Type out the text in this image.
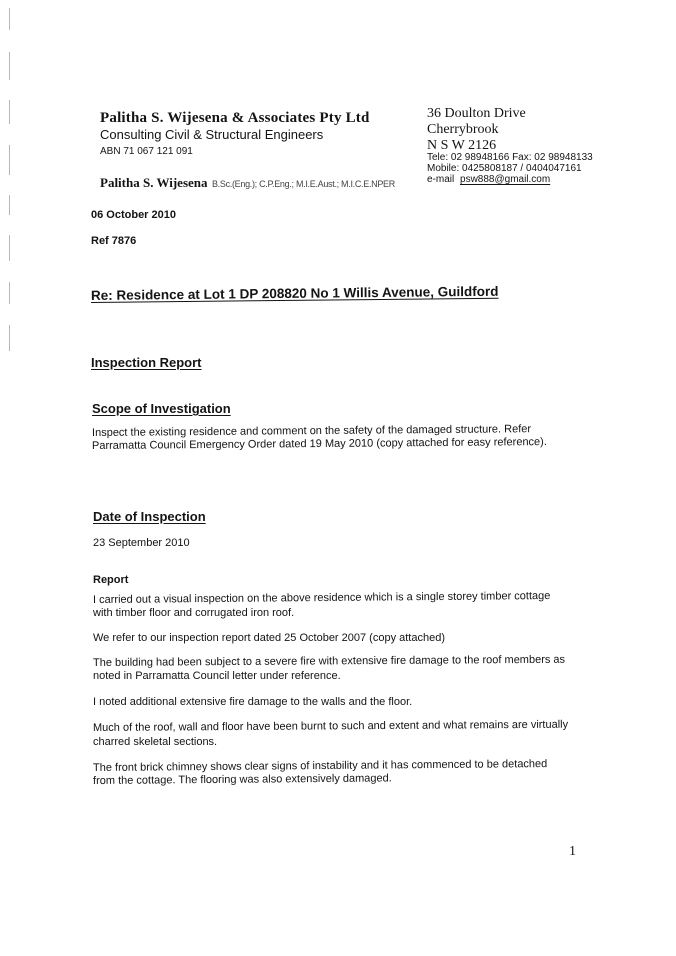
Palitha S. Wijesena & Associates Pty Ltd
Consulting Civil & Structural Engineers
ABN 71 067 121 091
Palitha S. Wijesena B.Sc.(Eng.); C.P.Eng.; M.I.E.Aust.; M.I.C.E.NPER
36 Doulton Drive
Cherrybrook
N S W 2126
Tele: 02 98948166 Fax: 02 98948133
Mobile: 0425808187 / 0404047161
e-mail psw888@gmail.com
06 October 2010
Ref 7876
Re: Residence at Lot 1 DP 208820 No 1 Willis Avenue, Guildford
Inspection Report
Scope of Investigation
Inspect the existing residence and comment on the safety of the damaged structure. Refer
Parramatta Council Emergency Order dated 19 May 2010 (copy attached for easy reference).
Date of Inspection
23 September 2010
Report
I carried out a visual inspection on the above residence which is a single storey timber cottage
with timber floor and corrugated iron roof.
We refer to our inspection report dated 25 October 2007 (copy attached)
The building had been subject to a severe fire with extensive fire damage to the roof members as
noted in Parramatta Council letter under reference.
I noted additional extensive fire damage to the walls and the floor.
Much of the roof, wall and floor have been burnt to such and extent and what remains are virtually
charred skeletal sections.
The front brick chimney shows clear signs of instability and it has commenced to be detached
from the cottage. The flooring was also extensively damaged.
1
